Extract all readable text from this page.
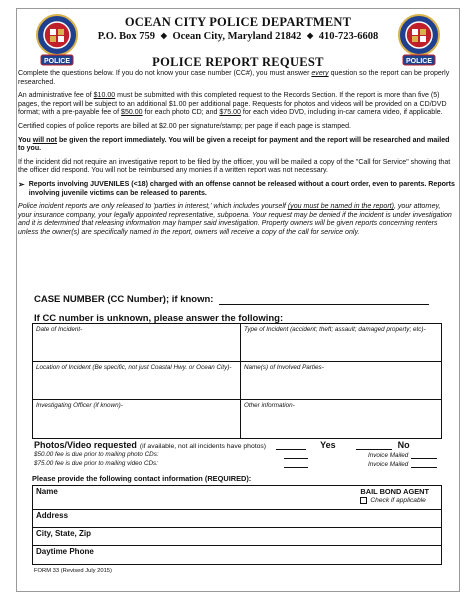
POLICE	POLICE
OCEAN CITY POLICE DEPARTMENT
P.O. Box 759 ◆ Ocean City, Maryland 21842 ◆ 410-723-6608
POLICE REPORT REQUEST

Complete the questions below. If you do not know your case number (CC#), you must answer every question so the report can be properly researched.

An administrative fee of $10.00 must be submitted with this completed request to the Records Section. If the report is more than five (5) pages, the report will be subject to an additional $1.00 per additional page. Requests for photos and videos will be provided on a CD/DVD format; with a pre-payable fee of $50.00 for each photo CD; and $75.00 for each video DVD, including in-car camera video, if applicable.

Certified copies of police reports are billed at $2.00 per signature/stamp; per page if each page is stamped.

You will not be given the report immediately. You will be given a receipt for payment and the report will be researched and mailed to you.

If the incident did not require an investigative report to be filed by the officer, you will be mailed a copy of the "Call for Service" showing that the officer did respond. You will not be reimbursed any monies if a written report was not necessary.

➢ Reports involving JUVENILES (<18) charged with an offense cannot be released without a court order, even to parents. Reports involving juvenile victims can be released to parents.

Police incident reports are only released to 'parties in interest,' which includes yourself (you must be named in the report), your attorney, your insurance company, your legally appointed representative, subpoena. Your request may be denied if the incident is under investigation and it is determined that releasing information may hamper said investigation. Property owners will be given reports concerning renters unless the owner(s) are specifically named in the report, owners will receive a copy of the call for service only.

CASE NUMBER (CC Number); if known:
If CC number is unknown, please answer the following:
Date of Incident-	Type of Incident (accident; theft; assault; damaged property; etc)-
Location of Incident (Be specific, not just Coastal Hwy. or Ocean City)-	Name(s) of Involved Parties-
Investigating Officer (if known)-	Other information-
Photos/Video requested (if available, not all incidents have photos)	Yes	No
$50.00 fee is due prior to mailing photo CDs:	Invoice Mailed
$75.00 fee is due prior to mailing video CDs:	Invoice Mailed
Please provide the following contact information (REQUIRED):
Name	BAIL BOND AGENT
Check if applicable
Address
City, State, Zip
Daytime Phone
FORM 33 (Revised July 2015)
